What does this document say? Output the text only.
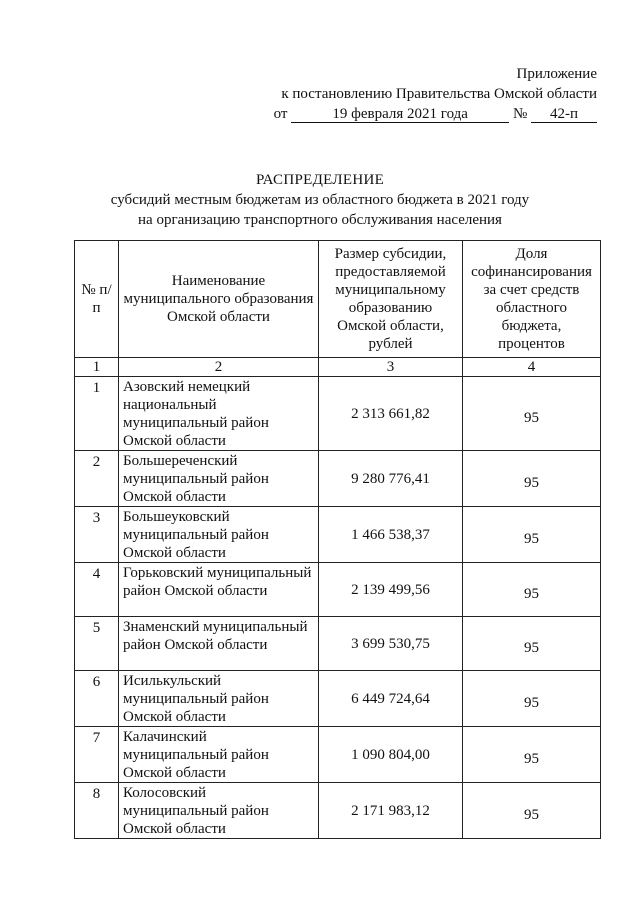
Приложение
к постановлению Правительства Омской области
от	19 февраля 2021 года	№ 42-п
РАСПРЕДЕЛЕНИЕ
субсидий местным бюджетам из областного бюджета в 2021 году
на организацию транспортного обслуживания населения
№ п/п	Наименование муниципального образования Омской области	Размер субсидии, предоставляемой муниципальному образованию Омской области, рублей	Доля софинансирования за счет средств областного бюджета, процентов
1	2	3	4
1	Азовский немецкий национальный муниципальный район Омской области	2 313 661,82	95
2	Большереченский муниципальный район Омской области	9 280 776,41	95
3	Большеуковский муниципальный район Омской области	1 466 538,37	95
4	Горьковский муниципальный район Омской области	2 139 499,56	95
5	Знаменский муниципальный район Омской области	3 699 530,75	95
6	Исилькульский муниципальный район Омской области	6 449 724,64	95
7	Калачинский муниципальный район Омской области	1 090 804,00	95
8	Колосовский муниципальный район Омской области	2 171 983,12	95
